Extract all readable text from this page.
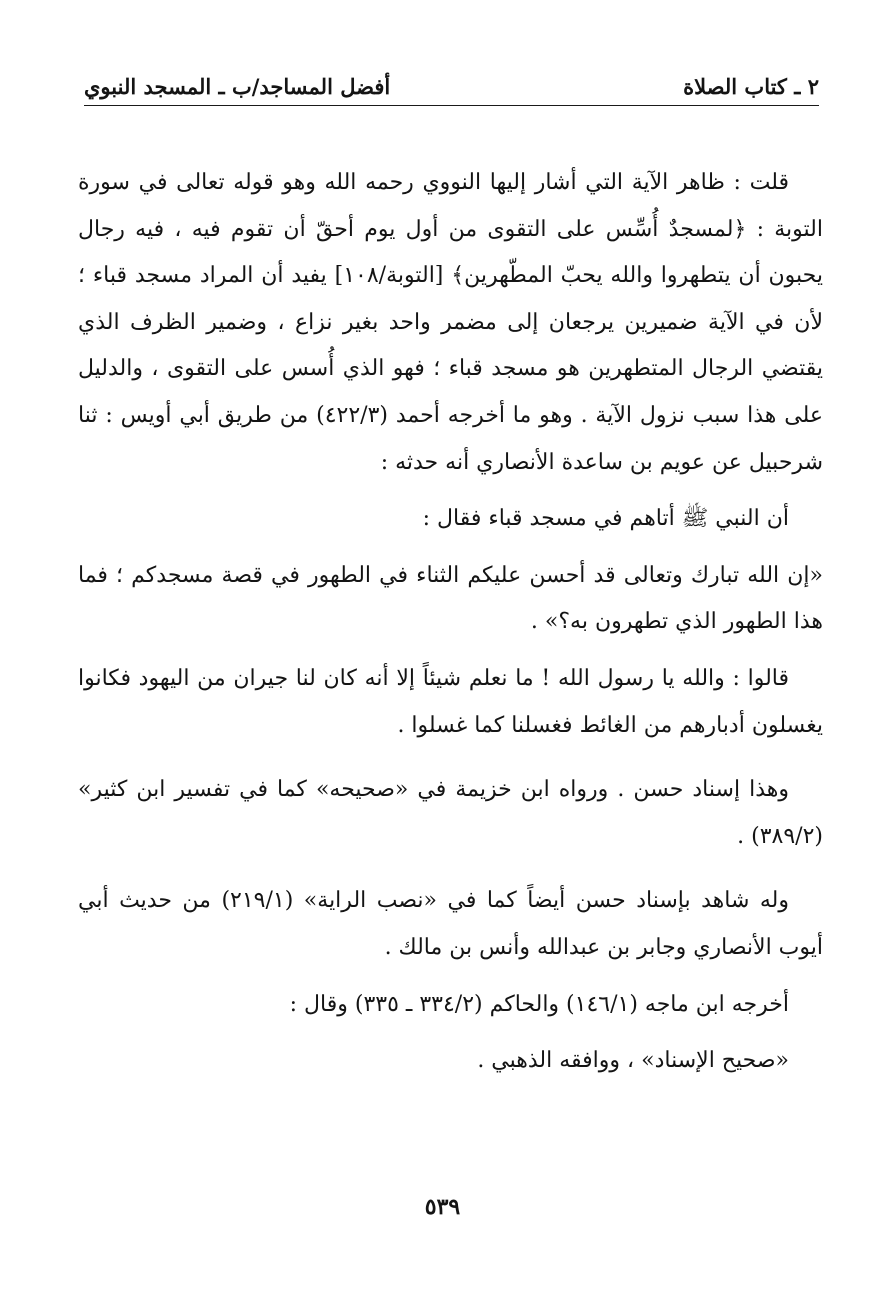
٢ ـ كتاب الصلاة
أفضل المساجد/ب ـ المسجد النبوي

قلت : ظاهر الآية التي أشار إليها النووي رحمه الله وهو قوله تعالى في سورة التوبة : ﴿لمسجدٌ أُسِّس على التقوى من أول يوم أحقّ أن تقوم فيه ، فيه رجال يحبون أن يتطهروا والله يحبّ المطّهرين﴾ [التوبة/١٠٨] يفيد أن المراد مسجد قباء ؛ لأن في الآية ضميرين يرجعان إلى مضمر واحد بغير نزاع ، وضمير الظرف الذي يقتضي الرجال المتطهرين هو مسجد قباء ؛ فهو الذي أُسس على التقوى ، والدليل على هذا سبب نزول الآية . وهو ما أخرجه أحمد (٤٢٢/٣) من طريق أبي أويس : ثنا شرحبيل عن عويم بن ساعدة الأنصاري أنه حدثه :

أن النبي ﷺ أتاهم في مسجد قباء فقال :

«إن الله تبارك وتعالى قد أحسن عليكم الثناء في الطهور في قصة مسجدكم ؛ فما هذا الطهور الذي تطهرون به؟» .

قالوا : والله يا رسول الله ! ما نعلم شيئاً إلا أنه كان لنا جيران من اليهود فكانوا يغسلون أدبارهم من الغائط فغسلنا كما غسلوا .

وهذا إسناد حسن . ورواه ابن خزيمة في «صحيحه» كما في تفسير ابن كثير» (٣٨٩/٢) .

وله شاهد بإسناد حسن أيضاً كما في «نصب الراية» (٢١٩/١) من حديث أبي أيوب الأنصاري وجابر بن عبدالله وأنس بن مالك .

أخرجه ابن ماجه (١٤٦/١) والحاكم (٣٣٤/٢ ـ ٣٣٥) وقال :

«صحيح الإسناد» ، ووافقه الذهبي .

٥٣٩
